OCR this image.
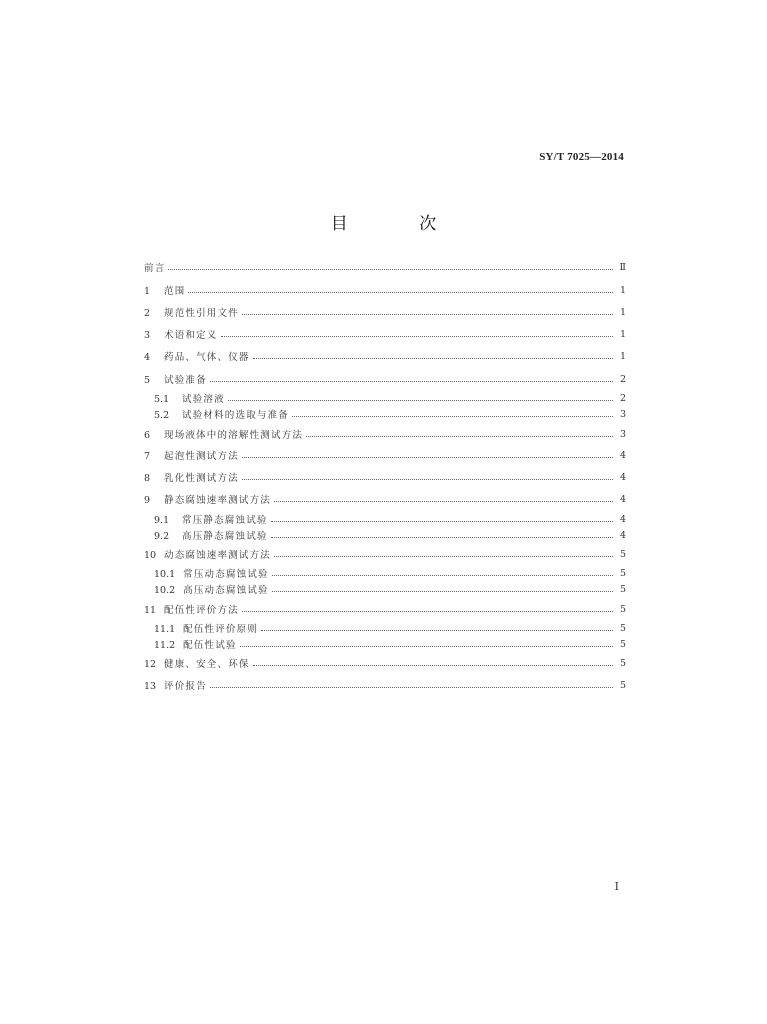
SY/T 7025—2014
目 次
前言	Ⅱ
1 范围	1
2 规范性引用文件	1
3 术语和定义	1
4 药品、气体、仪器	1
5 试验准备	2
5.1 试验溶液	2
5.2 试验材料的选取与准备	3
6 现场液体中的溶解性测试方法	3
7 起泡性测试方法	4
8 乳化性测试方法	4
9 静态腐蚀速率测试方法	4
9.1 常压静态腐蚀试验	4
9.2 高压静态腐蚀试验	4
10 动态腐蚀速率测试方法	5
10.1 常压动态腐蚀试验	5
10.2 高压动态腐蚀试验	5
11 配伍性评价方法	5
11.1 配伍性评价原则	5
11.2 配伍性试验	5
12 健康、安全、环保	5
13 评价报告	5
Ⅰ
